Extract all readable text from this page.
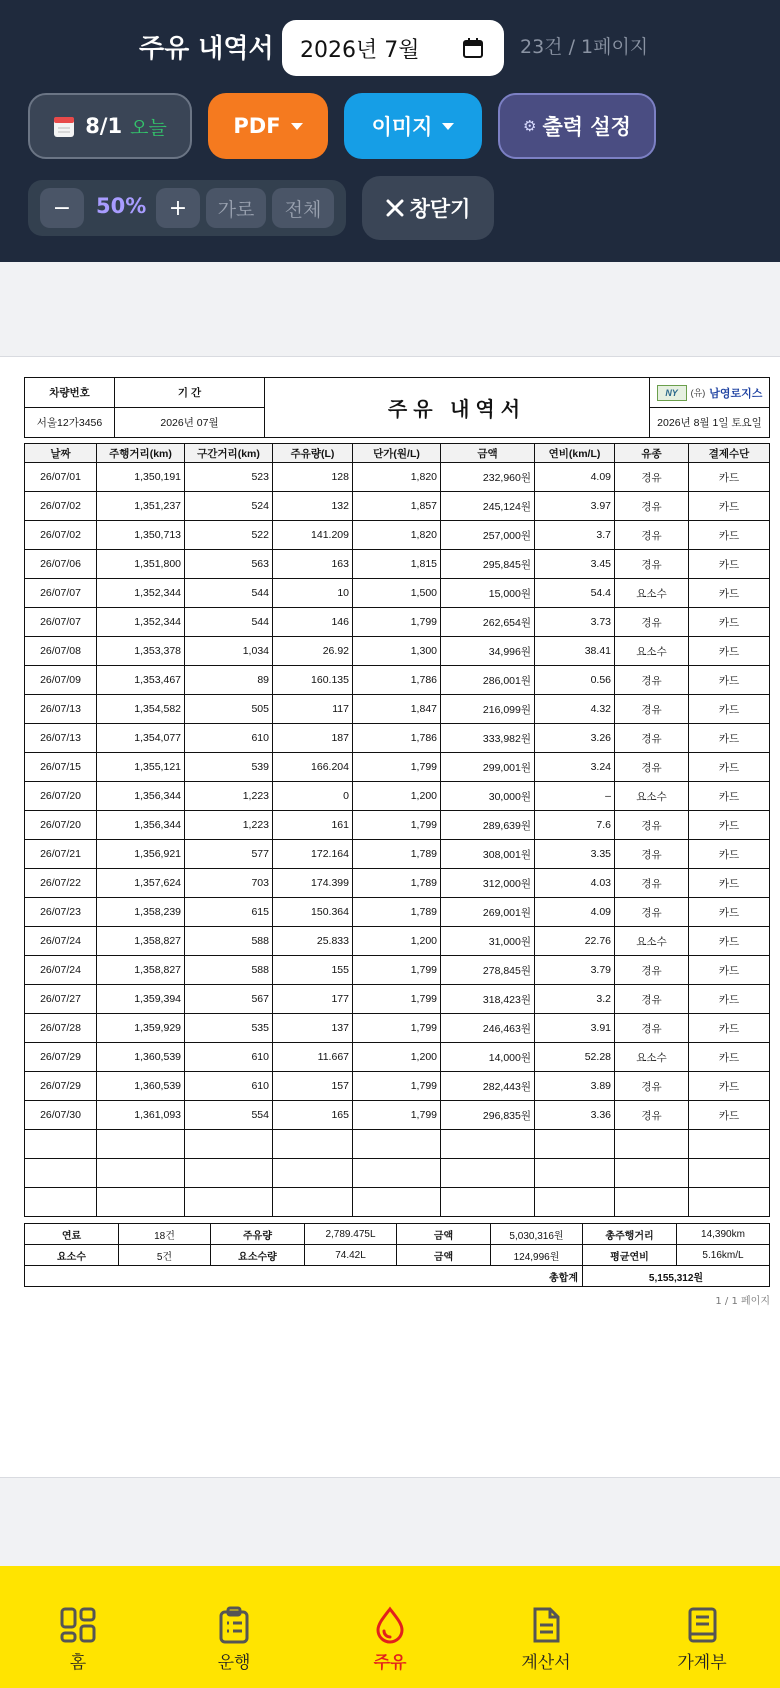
주유 내역서 2026년 7월	23건 / 1페이지
8/1 오늘	PDF	이미지	⚙ 출력 설정
−	50%	+	가로	전체	창닫기
차량번호	기 간	주유 내역서	NY (유) 남영로지스

서울12가3456	2026년 07월		2026년 8월 1일 토요일
날짜	주행거리(km)	구간거리(km)	주유량(L)	단가(원/L)	금액	연비(km/L)	유종	결제수단
26/07/01	1,350,191	523	128	1,820	232,960원	4.09	경유	카드
26/07/02	1,351,237	524	132	1,857	245,124원	3.97	경유	카드
26/07/02	1,350,713	522	141.209	1,820	257,000원	3.7	경유	카드
26/07/06	1,351,800	563	163	1,815	295,845원	3.45	경유	카드
26/07/07	1,352,344	544	10	1,500	15,000원	54.4	요소수	카드
26/07/07	1,352,344	544	146	1,799	262,654원	3.73	경유	카드
26/07/08	1,353,378	1,034	26.92	1,300	34,996원	38.41	요소수	카드
26/07/09	1,353,467	89	160.135	1,786	286,001원	0.56	경유	카드
26/07/13	1,354,582	505	117	1,847	216,099원	4.32	경유	카드
26/07/13	1,354,077	610	187	1,786	333,982원	3.26	경유	카드
26/07/15	1,355,121	539	166.204	1,799	299,001원	3.24	경유	카드
26/07/20	1,356,344	1,223	0	1,200	30,000원	–	요소수	카드
26/07/20	1,356,344	1,223	161	1,799	289,639원	7.6	경유	카드
26/07/21	1,356,921	577	172.164	1,789	308,001원	3.35	경유	카드
26/07/22	1,357,624	703	174.399	1,789	312,000원	4.03	경유	카드
26/07/23	1,358,239	615	150.364	1,789	269,001원	4.09	경유	카드
26/07/24	1,358,827	588	25.833	1,200	31,000원	22.76	요소수	카드
26/07/24	1,358,827	588	155	1,799	278,845원	3.79	경유	카드
26/07/27	1,359,394	567	177	1,799	318,423원	3.2	경유	카드
26/07/28	1,359,929	535	137	1,799	246,463원	3.91	경유	카드
26/07/29	1,360,539	610	11.667	1,200	14,000원	52.28	요소수	카드
26/07/29	1,360,539	610	157	1,799	282,443원	3.89	경유	카드
26/07/30	1,361,093	554	165	1,799	296,835원	3.36	경유	카드

연료	18건	주유량	2,789.475L	금액	5,030,316원	총주행거리	14,390km
요소수	5건	요소수량	74.42L	금액	124,996원	평균연비	5.16km/L
총합계						5,155,312원	
1 / 1 페이지
홈	운행	주유	계산서	가계부
